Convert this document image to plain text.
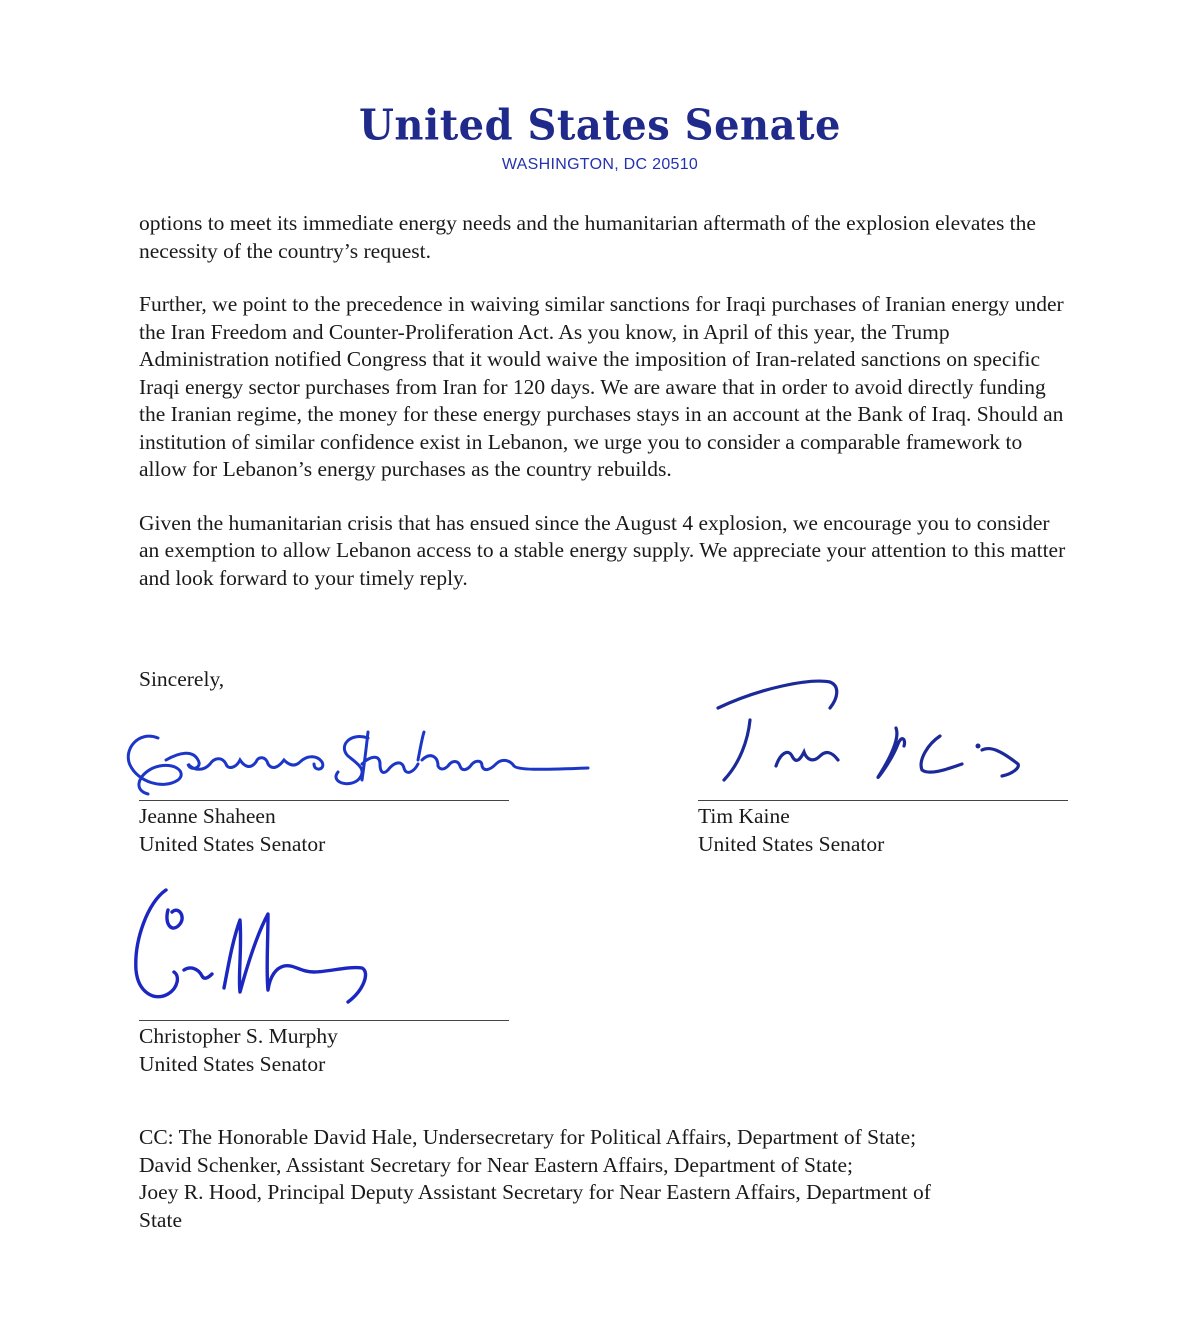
United States Senate
WASHINGTON, DC 20510

options to meet its immediate energy needs and the humanitarian aftermath of the explosion elevates the necessity of the country’s request.

Further, we point to the precedence in waiving similar sanctions for Iraqi purchases of Iranian energy under the Iran Freedom and Counter-Proliferation Act. As you know, in April of this year, the Trump Administration notified Congress that it would waive the imposition of Iran-related sanctions on specific Iraqi energy sector purchases from Iran for 120 days. We are aware that in order to avoid directly funding the Iranian regime, the money for these energy purchases stays in an account at the Bank of Iraq. Should an institution of similar confidence exist in Lebanon, we urge you to consider a comparable framework to allow for Lebanon’s energy purchases as the country rebuilds.

Given the humanitarian crisis that has ensued since the August 4 explosion, we encourage you to consider an exemption to allow Lebanon access to a stable energy supply. We appreciate your attention to this matter and look forward to your timely reply.

Sincerely,
Jeanne Shaheen
United States Senator
Tim Kaine
United States Senator
Christopher S. Murphy
United States Senator
CC: The Honorable David Hale, Undersecretary for Political Affairs, Department of State;
David Schenker, Assistant Secretary for Near Eastern Affairs, Department of State;
Joey R. Hood, Principal Deputy Assistant Secretary for Near Eastern Affairs, Department of
State
